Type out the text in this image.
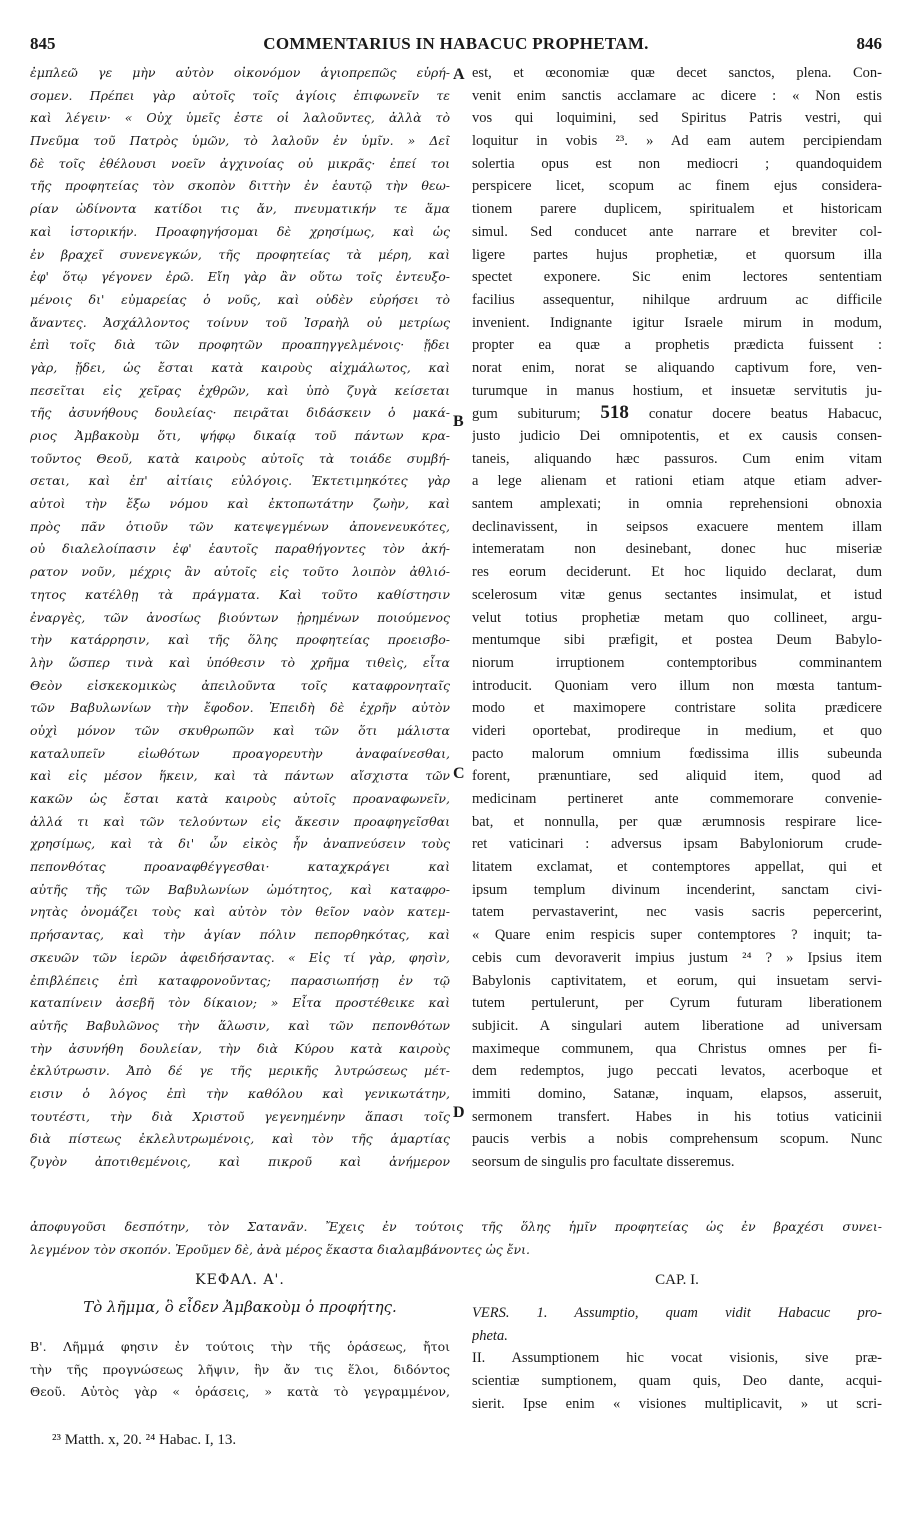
845	COMMENTARIUS IN HABACUC PROPHETAM.	846
A
B
C
D
ἐμπλεῶ γε μὴν αὐτὸν οἰκονόμον ἁγιοπρεπῶς εὑρή-
σομεν. Πρέπει γὰρ αὐτοῖς τοῖς ἁγίοις ἐπιφωνεῖν τε
καὶ λέγειν· « Οὐχ ὑμεῖς ἐστε οἱ λαλοῦντες, ἀλλὰ τὸ
Πνεῦμα τοῦ Πατρὸς ὑμῶν, τὸ λαλοῦν ἐν ὑμῖν. » Δεῖ
δὲ τοῖς ἐθέλουσι νοεῖν ἀγχινοίας οὐ μικρᾶς· ἐπεί τοι
τῆς προφητείας τὸν σκοπὸν διττὴν ἐν ἑαυτῷ τὴν θεω-
ρίαν ὠδίνοντα κατίδοι τις ἄν, πνευματικήν τε ἅμα
καὶ ἱστορικήν. Προαφηγήσομαι δὲ χρησίμως, καὶ ὡς
ἐν βραχεῖ συνενεγκών, τῆς προφητείας τὰ μέρη, καὶ
ἐφ' ὅτῳ γέγονεν ἐρῶ. Εἴη γὰρ ἂν οὕτω τοῖς ἐντευξο-
μένοις δι' εὐμαρείας ὁ νοῦς, καὶ οὐδὲν εὑρήσει τὸ
ἄναντες. Ἀσχάλλοντος τοίνυν τοῦ Ἰσραὴλ οὐ μετρίως
ἐπὶ τοῖς διὰ τῶν προφητῶν προαπηγγελμένοις· ᾔδει
γὰρ, ᾔδει, ὡς ἔσται κατὰ καιροὺς αἰχμάλωτος, καὶ
πεσεῖται εἰς χεῖρας ἐχθρῶν, καὶ ὑπὸ ζυγὰ κείσεται
τῆς ἀσυνήθους δουλείας· πειρᾶται διδάσκειν ὁ μακά-
ριος Ἀμβακοὺμ ὅτι, ψήφῳ δικαίᾳ τοῦ πάντων κρα-
τοῦντος Θεοῦ, κατὰ καιροὺς αὐτοῖς τὰ τοιάδε συμβή-
σεται, καὶ ἐπ' αἰτίαις εὐλόγοις. Ἐκτετιμηκότες γὰρ
αὐτοὶ τὴν ἔξω νόμου καὶ ἐκτοπωτάτην ζωὴν, καὶ
πρὸς πᾶν ὁτιοῦν τῶν κατεψεγμένων ἀπονενευκότες,
οὐ διαλελοίπασιν ἐφ' ἑαυτοῖς παραθήγοντες τὸν ἀκή-
ρατον νοῦν, μέχρις ἂν αὐτοῖς εἰς τοῦτο λοιπὸν ἀθλιό-
τητος κατέλθῃ τὰ πράγματα. Καὶ τοῦτο καθίστησιν
ἐναργὲς, τῶν ἀνοσίως βιούντων ᾐρημένων ποιούμενος
τὴν κατάρρησιν, καὶ τῆς ὅλης προφητείας προεισβο-
λὴν ὥσπερ τινὰ καὶ ὑπόθεσιν τὸ χρῆμα τιθεὶς, εἶτα
Θεὸν εἰσκεκομικὼς ἀπειλοῦντα τοῖς καταφρονηταῖς
τῶν Βαβυλωνίων τὴν ἔφοδον. Ἐπειδὴ δὲ ἐχρῆν αὐτὸν
οὐχὶ μόνον τῶν σκυθρωπῶν καὶ τῶν ὅτι μάλιστα
καταλυπεῖν εἰωθότων προαγορευτὴν ἀναφαίνεσθαι,
καὶ εἰς μέσον ἥκειν, καὶ τὰ πάντων αἴσχιστα τῶν
κακῶν ὡς ἔσται κατὰ καιροὺς αὐτοῖς προαναφωνεῖν,
ἀλλά τι καὶ τῶν τελούντων εἰς ἄκεσιν προαφηγεῖσθαι
χρησίμως, καὶ τὰ δι' ὧν εἰκὸς ἦν ἀναπνεύσειν τοὺς
πεπονθότας προαναφθέγγεσθαι· καταχκράγει καὶ
αὐτῆς τῆς τῶν Βαβυλωνίων ὠμότητος, καὶ καταφρο-
νητὰς ὀνομάζει τοὺς καὶ αὐτὸν τὸν θεῖον ναὸν κατεμ-
πρήσαντας, καὶ τὴν ἁγίαν πόλιν πεπορθηκότας, καὶ
σκευῶν τῶν ἱερῶν ἀφειδήσαντας. « Εἰς τί γὰρ, φησὶν,
ἐπιβλέπεις ἐπὶ καταφρονοῦντας; παρασιωπήσῃ ἐν τῷ
καταπίνειν ἀσεβῆ τὸν δίκαιον; » Εἶτα προστέθεικε καὶ
αὐτῆς Βαβυλῶνος τὴν ἅλωσιν, καὶ τῶν πεπονθότων
τὴν ἀσυνήθη δουλείαν, τὴν διὰ Κύρου κατὰ καιροὺς
ἐκλύτρωσιν. Ἀπὸ δέ γε τῆς μερικῆς λυτρώσεως μέτ-
εισιν ὁ λόγος ἐπὶ τὴν καθόλου καὶ γενικωτάτην,
τουτέστι, τὴν διὰ Χριστοῦ γεγενημένην ἅπασι τοῖς
διὰ πίστεως ἐκλελυτρωμένοις, καὶ τὸν τῆς ἁμαρτίας
ζυγὸν ἀποτιθεμένοις, καὶ πικροῦ καὶ ἀνήμερον
est, et œconomiæ quæ decet sanctos, plena. Con-
venit enim sanctis acclamare ac dicere : « Non estis
vos qui loquimini, sed Spiritus Patris vestri, qui
loquitur in vobis ²³. » Ad eam autem percipiendam
solertia opus est non mediocri ; quandoquidem
perspicere licet, scopum ac finem ejus considera-
tionem parere duplicem, spiritualem et historicam
simul. Sed conducet ante narrare et breviter col-
ligere partes hujus prophetiæ, et quorsum illa
spectet exponere. Sic enim lectores sententiam
facilius assequentur, nihilque ardruum ac difficile
invenient. Indignante igitur Israele mirum in modum,
propter ea quæ a prophetis prædicta fuissent :
norat enim, norat se aliquando captivum fore, ven-
turumque in manus hostium, et insuetæ servitutis ju-
gum subiturum; 518 conatur docere beatus Habacuc,
justo judicio Dei omnipotentis, et ex causis consen-
taneis, aliquando hæc passuros. Cum enim vitam
a lege alienam et rationi etiam atque etiam adver-
santem amplexati; in omnia reprehensioni obnoxia
declinavissent, in seipsos exacuere mentem illam
intemeratam non desinebant, donec huc miseriæ
res eorum deciderunt. Et hoc liquido declarat, dum
scelerosum vitæ genus sectantes insimulat, et istud
velut totius prophetiæ metam quo collineet, argu-
mentumque sibi præfigit, et postea Deum Babylo-
niorum irruptionem contemptoribus comminantem
introducit. Quoniam vero illum non mœsta tantum-
modo et maximopere contristare solita prædicere
videri oportebat, prodireque in medium, et quo
pacto malorum omnium fœdissima illis subeunda
forent, prænuntiare, sed aliquid item, quod ad
medicinam pertineret ante commemorare convenie-
bat, et nonnulla, per quæ ærumnosis respirare lice-
ret vaticinari : adversus ipsam Babyloniorum crude-
litatem exclamat, et contemptores appellat, qui et
ipsum templum divinum incenderint, sanctam civi-
tatem pervastaverint, nec vasis sacris pepercerint,
« Quare enim respicis super contemptores ? inquit; ta-
cebis cum devoraverit impius justum ²⁴ ? » Ipsius item
Babylonis captivitatem, et eorum, qui insuetam servi-
tutem pertulerunt, per Cyrum futuram liberationem
subjicit. A singulari autem liberatione ad universam
maximeque communem, qua Christus omnes per fi-
dem redemptos, jugo peccati levatos, acerboque et
immiti domino, Satanæ, inquam, elapsos, asseruit,
sermonem transfert. Habes in his totius vaticinii
paucis verbis a nobis comprehensum scopum. Nunc
seorsum de singulis pro facultate disseremus.
ἀποφυγοῦσι δεσπότην, τὸν Σατανᾶν. Ἔχεις ἐν τούτοις τῆς ὅλης ἡμῖν προφητείας ὡς ἐν βραχέσι συνει-
λεγμένον τὸν σκοπόν. Ἐροῦμεν δὲ, ἀνὰ μέρος ἕκαστα διαλαμβάνοντες ὡς ἔνι.
ΚΕΦΑΛ. Α'.
Τὸ λῆμμα, ὃ εἶδεν Ἀμβακοὺμ ὁ προφήτης.
CAP. I.
Β'. Λῆμμά φησιν ἐν τούτοις τὴν τῆς ὁράσεως, ἤτοι
τὴν τῆς προγνώσεως λῆψιν, ἣν ἄν τις ἕλοι, διδόντος
Θεοῦ. Αὐτὸς γὰρ « ὁράσεις, » κατὰ τὸ γεγραμμένον,
VERS. 1. Assumptio, quam vidit Habacuc pro-
pheta.
II. Assumptionem hic vocat visionis, sive præ-
scientiæ sumptionem, quam quis, Deo dante, acqui-
sierit. Ipse enim « visiones multiplicavit, » ut scri-
²³ Matth. x, 20. ²⁴ Habac. I, 13.
